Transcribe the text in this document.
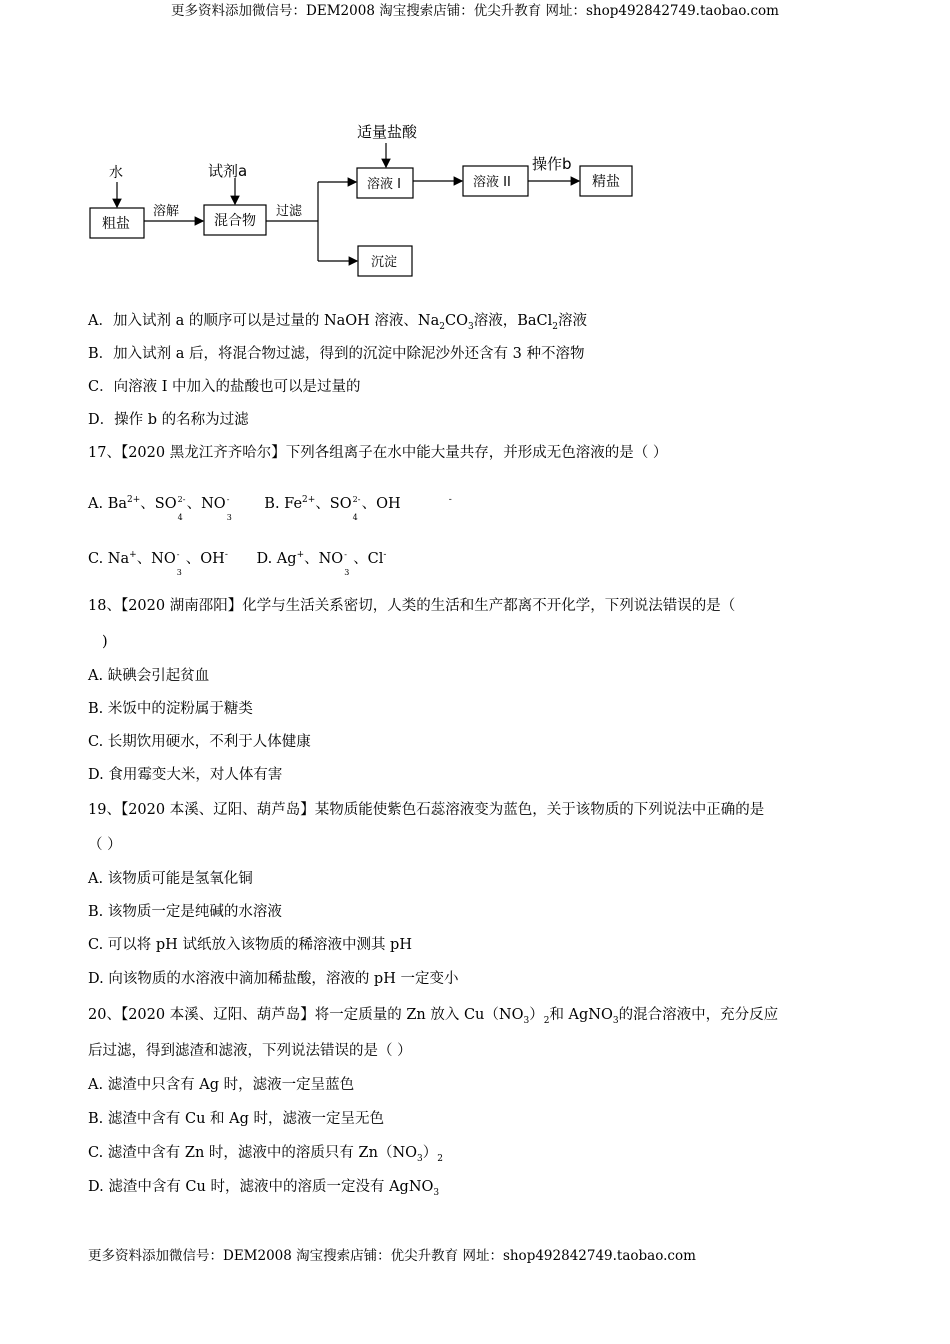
更多资料添加微信号：DEM2008 淘宝搜索店铺：优尖升教育 网址：shop492842749.taobao.com
水	试剂a
粗盐
溶解
混合物
过滤
适量盐酸
溶液 I	溶液 II
操作b
精盐
沉淀
A．加入试剂 a 的顺序可以是过量的 NaOH 溶液、$Na_2CO_3$溶液，BaCl$_2$溶液
B．加入试剂 a 后，将混合物过滤，得到的沉淀中除泥沙外还含有 3 种不溶物
C．向溶液 I 中加入的盐酸也可以是过量的
D．操作 b 的名称为过滤
17、【2020 黑龙江齐齐哈尔】下列各组离子在水中能大量共存，并形成无色溶液的是（ ）
A. $Ba^{2+}$、SO 2-
4
、NO -
3
B. $Fe^{2+}$、SO 2-
4
、OH	-
C. Na+、NO -
3
、OH- D. Ag+、NO -
3
、Cl-
18、【2020 湖南邵阳】化学与生活关系密切，人类的生活和生产都离不开化学，下列说法错误的是（
)
A. 缺碘会引起贫血
B. 米饭中的淀粉属于糖类
C. 长期饮用硬水，不利于人体健康
D. 食用霉变大米，对人体有害
19、【2020 本溪、辽阳、葫芦岛】某物质能使紫色石蕊溶液变为蓝色，关于该物质的下列说法中正确的是
（ ）
A. 该物质可能是氢氧化铜
B. 该物质一定是纯碱的水溶液
C. 可以将 pH 试纸放入该物质的稀溶液中测其 pH
D. 向该物质的水溶液中滴加稀盐酸，溶液的 pH 一定变小
20、【2020 本溪、辽阳、葫芦岛】将一定质量的 Zn 放入 $Cu(NO_3)_2$和 AgNO$_3$的混合溶液中，充分反应
后过滤，得到滤渣和滤液，下列说法错误的是（ ）
A. 滤渣中只含有 Ag 时，滤液一定呈蓝色
B. 滤渣中含有 Cu 和 Ag 时，滤液一定呈无色
C. 滤渣中含有 Zn 时，滤液中的溶质只有 $Zn(NO_3)_2$
D. 滤渣中含有 Cu 时，滤液中的溶质一定没有 AgNO$_3$
更多资料添加微信号：DEM2008 淘宝搜索店铺：优尖升教育 网址：shop492842749.taobao.com
